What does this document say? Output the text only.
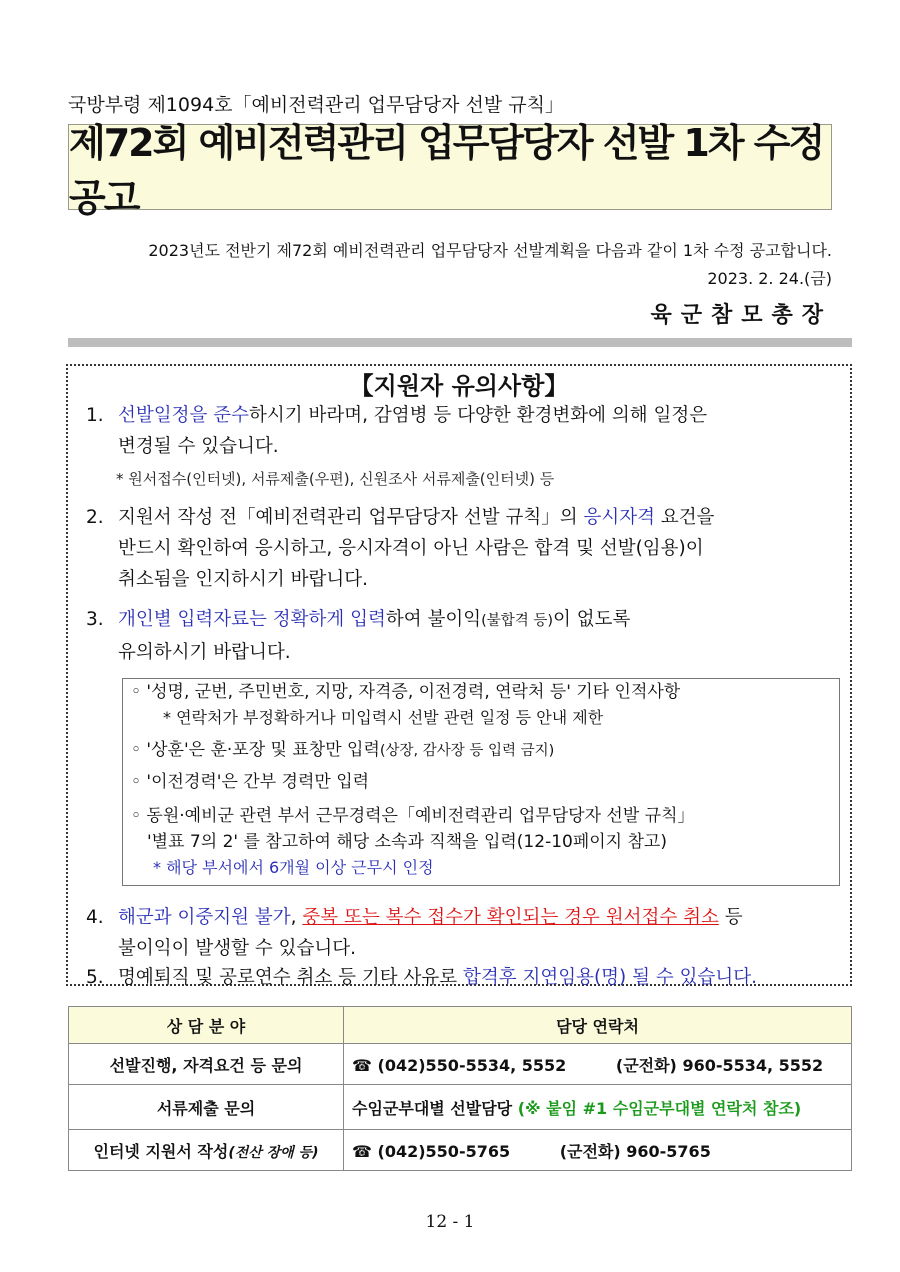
국방부령 제1094호「예비전력관리 업무담당자 선발 규칙」
제72회 예비전력관리 업무담당자 선발 1차 수정 공고
2023년도 전반기 제72회 예비전력관리 업무담당자 선발계획을 다음과 같이 1차 수정 공고합니다.
2023. 2. 24.(금)
육군참모총장
【지원자 유의사항】
1. 선발일정을 준수하시기 바라며, 감염병 등 다양한 환경변화에 의해 일정은
변경될 수 있습니다.
* 원서접수(인터넷), 서류제출(우편), 신원조사 서류제출(인터넷) 등
2. 지원서 작성 전「예비전력관리 업무담당자 선발 규칙」의 응시자격 요건을
반드시 확인하여 응시하고, 응시자격이 아닌 사람은 합격 및 선발(임용)이
취소됨을 인지하시기 바랍니다.
3. 개인별 입력자료는 정확하게 입력하여 불이익(불합격 등)이 없도록
유의하시기 바랍니다.
◦ '성명, 군번, 주민번호, 지망, 자격증, 이전경력, 연락처 등' 기타 인적사항
* 연락처가 부정확하거나 미입력시 선발 관련 일정 등 안내 제한
◦ '상훈'은 훈·포장 및 표창만 입력(상장, 감사장 등 입력 금지)
◦ '이전경력'은 간부 경력만 입력
◦ 동원·예비군 관련 부서 근무경력은「예비전력관리 업무담당자 선발 규칙」
'별표 7의 2' 를 참고하여 해당 소속과 직책을 입력(12-10페이지 참고)
* 해당 부서에서 6개월 이상 근무시 인정
4. 해군과 이중지원 불가, 중복 또는 복수 접수가 확인되는 경우 원서접수 취소 등
불이익이 발생할 수 있습니다.
5. 명예퇴직 및 공로연수 취소 등 기타 사유로 합격후 지연임용(명) 될 수 있습니다.
상 담 분 야	담당 연락처
선발진행, 자격요건 등 문의	☎ (042)550-5534, 5552 (군전화) 960-5534, 5552
서류제출 문의	수임군부대별 선발담당 (※ 붙임 #1 수임군부대별 연락처 참조)
인터넷 지원서 작성(전산 장애 등)	☎ (042)550-5765 (군전화) 960-5765
12 - 1
